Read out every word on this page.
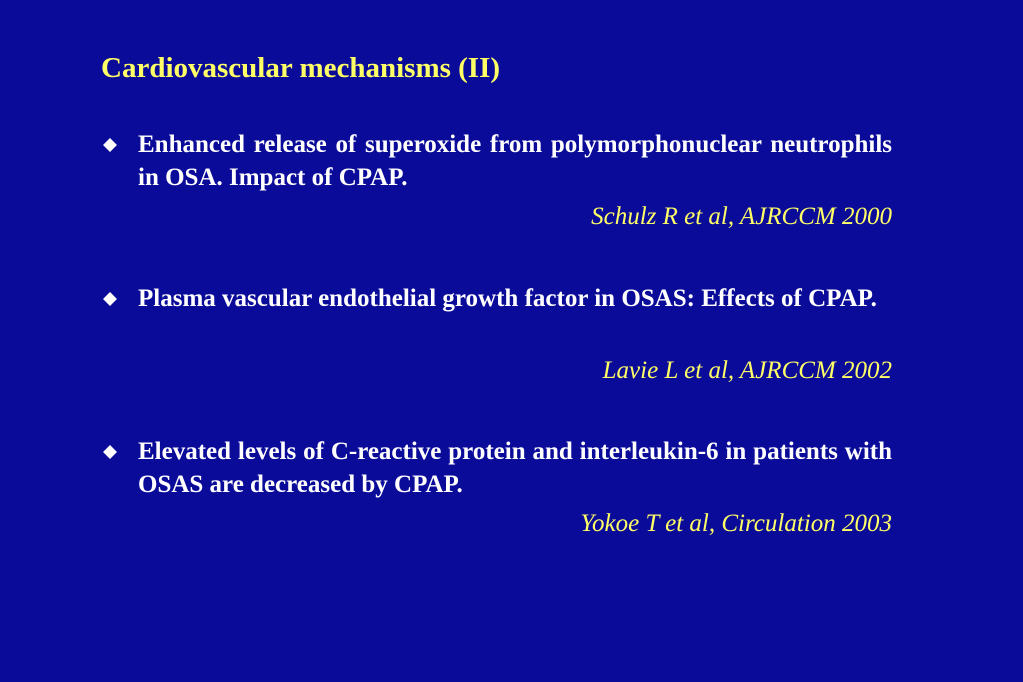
Cardiovascular mechanisms (II)

Enhanced release of superoxide from polymorphonuclear neutrophils in OSA. Impact of CPAP.

Schulz R et al, AJRCCM 2000

Plasma vascular endothelial growth factor in OSAS: Effects of CPAP.

Lavie L et al, AJRCCM 2002

Elevated levels of C-reactive protein and interleukin-6 in patients with OSAS are decreased by CPAP.

Yokoe T et al, Circulation 2003
